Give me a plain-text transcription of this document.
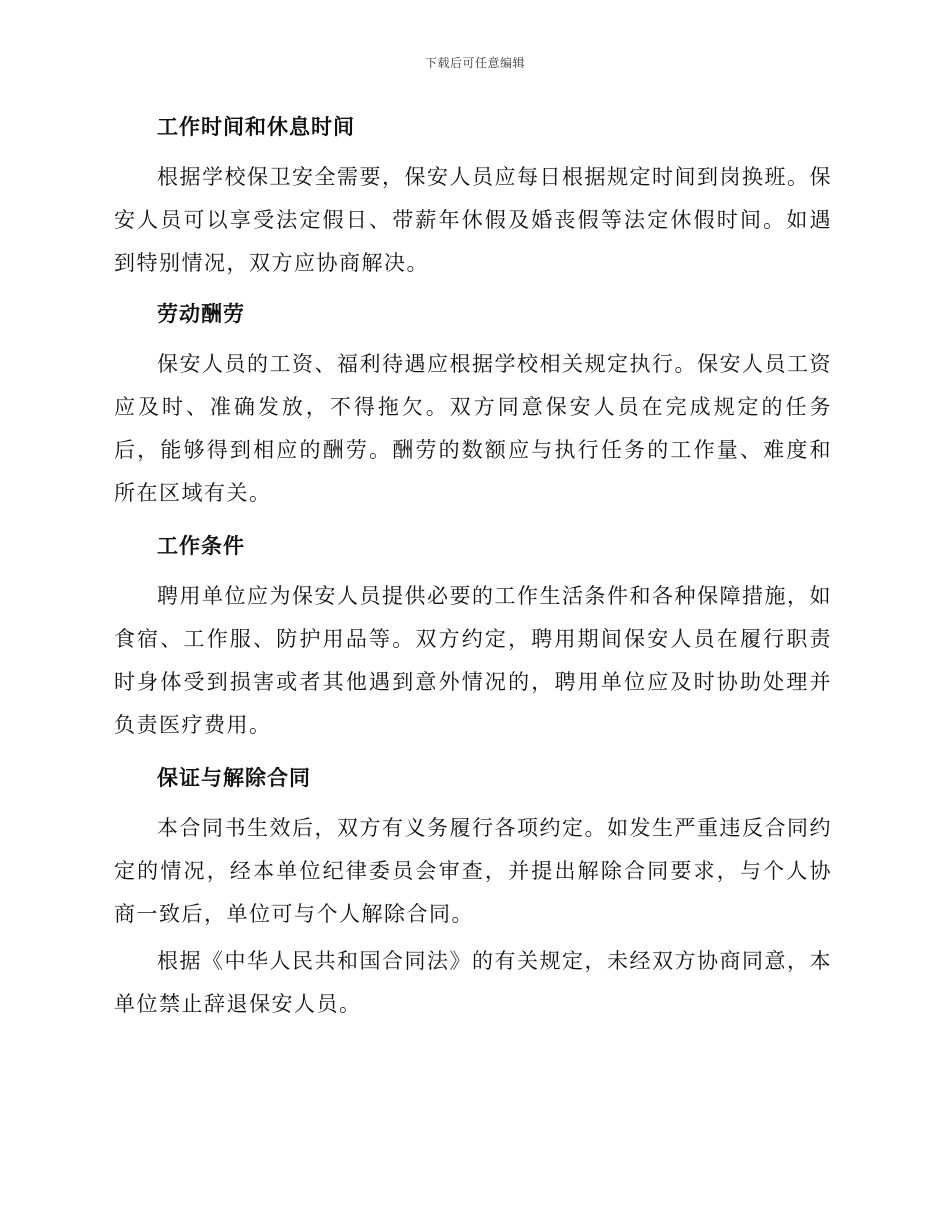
下载后可任意编辑
工作时间和休息时间

根据学校保卫安全需要，保安人员应每日根据规定时间到岗换班。保安人员可以享受法定假日、带薪年休假及婚丧假等法定休假时间。如遇到特别情况，双方应协商解决。

劳动酬劳

保安人员的工资、福利待遇应根据学校相关规定执行。保安人员工资应及时、准确发放，不得拖欠。双方同意保安人员在完成规定的任务后，能够得到相应的酬劳。酬劳的数额应与执行任务的工作量、难度和所在区域有关。

工作条件

聘用单位应为保安人员提供必要的工作生活条件和各种保障措施，如食宿、工作服、防护用品等。双方约定，聘用期间保安人员在履行职责时身体受到损害或者其他遇到意外情况的，聘用单位应及时协助处理并负责医疗费用。

保证与解除合同

本合同书生效后，双方有义务履行各项约定。如发生严重违反合同约定的情况，经本单位纪律委员会审查，并提出解除合同要求，与个人协商一致后，单位可与个人解除合同。

根据《中华人民共和国合同法》的有关规定，未经双方协商同意，本单位禁止辞退保安人员。
